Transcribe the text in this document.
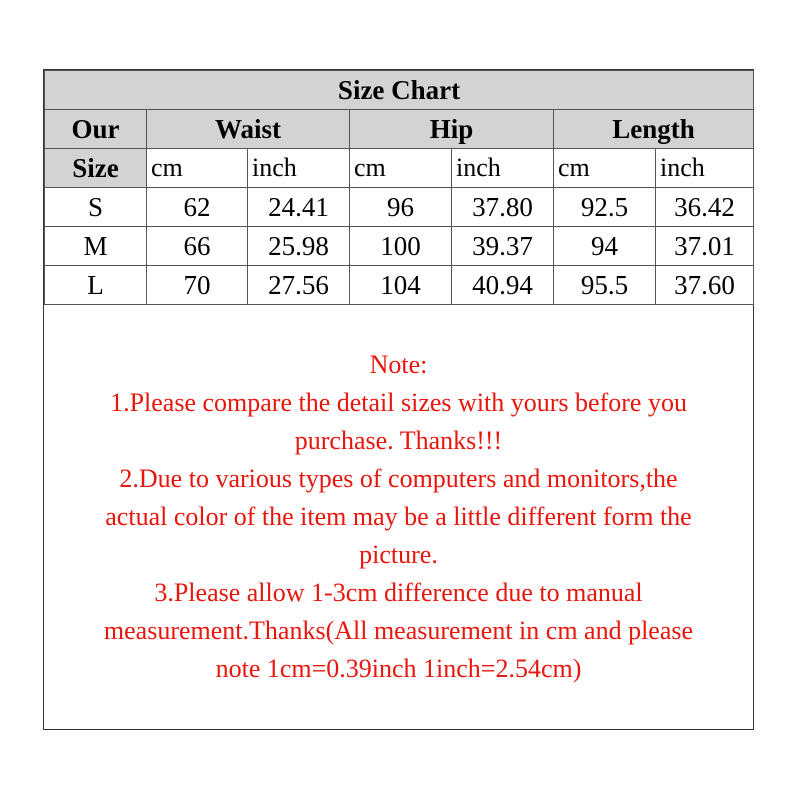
Size Chart						
Our	Waist		Hip		Length	
Size	cm	inch	cm	inch	cm	inch
S	62	24.41	96	37.80	92.5	36.42
M	66	25.98	100	39.37	94	37.01
L	70	27.56	104	40.94	95.5	37.60
Note:
1.Please compare the detail sizes with yours before you
purchase. Thanks!!!
2.Due to various types of computers and monitors,the
actual color of the item may be a little different form the
picture.
3.Please allow 1-3cm difference due to manual
measurement.Thanks(All measurement in cm and please
note 1cm=0.39inch 1inch=2.54cm)
